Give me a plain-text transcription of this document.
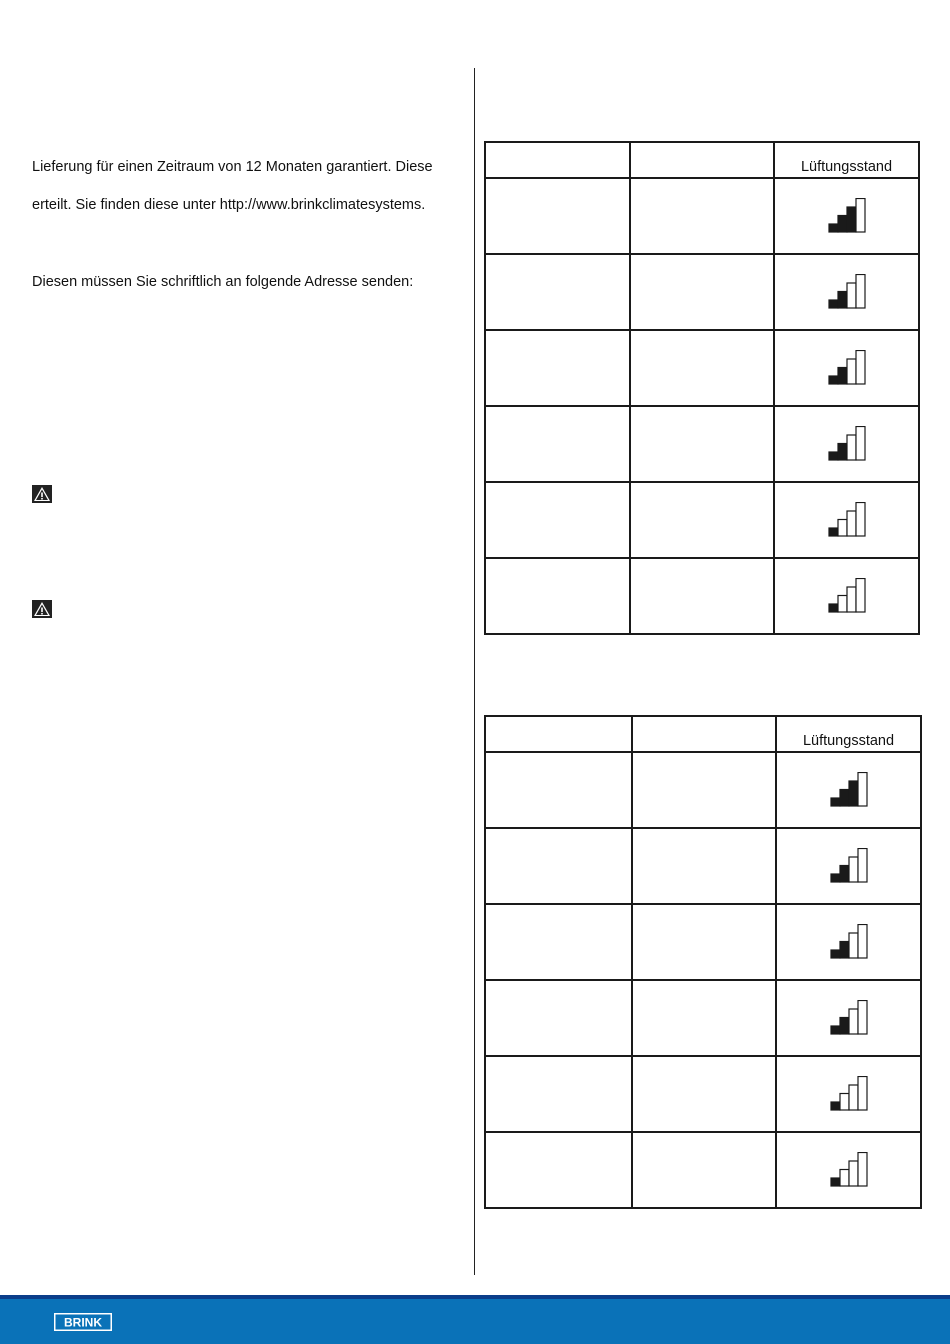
Lieferung für einen Zeitraum von 12 Monaten garantiert. Diese
erteilt. Sie finden diese unter http://www.brinkclimatesystems.
Diesen müssen Sie schriftlich an folgende Adresse senden:

		Lüftungsstand

		Lüftungsstand

BRINK
